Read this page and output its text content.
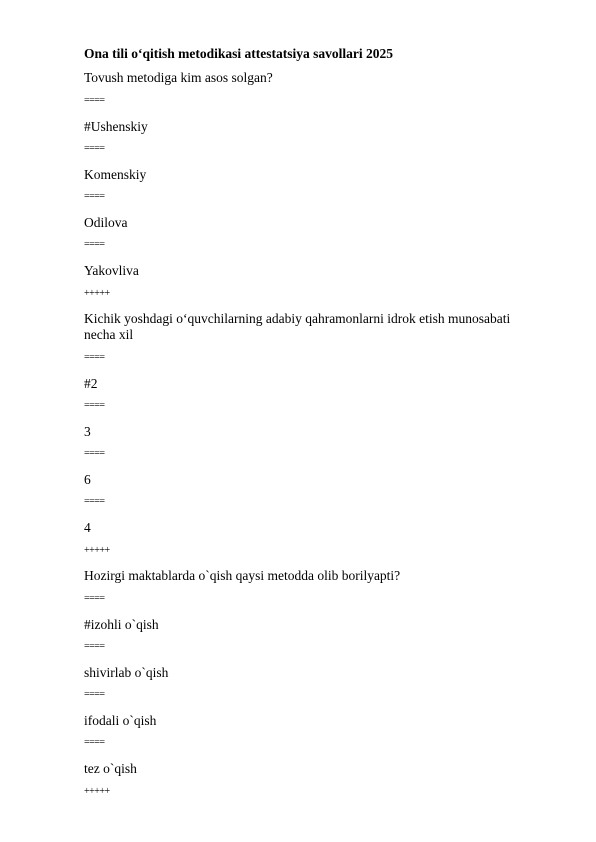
Ona tili o‘qitish metodikasi attestatsiya savollari 2025
Tovush metodiga kim asos solgan?
====
#Ushenskiy
====
Komenskiy
====
Odilova
====
Yakovliva
+++++
Kichik yoshdagi o‘quvchilarning adabiy qahramonlarni idrok etish munosabati necha xil
====
#2
====
3
====
6
====
4
+++++
Hozirgi maktablarda o`qish qaysi metodda olib borilyapti?
====
#izohli o`qish
====
shivirlab o`qish
====
ifodali o`qish
====
tez o`qish
+++++
